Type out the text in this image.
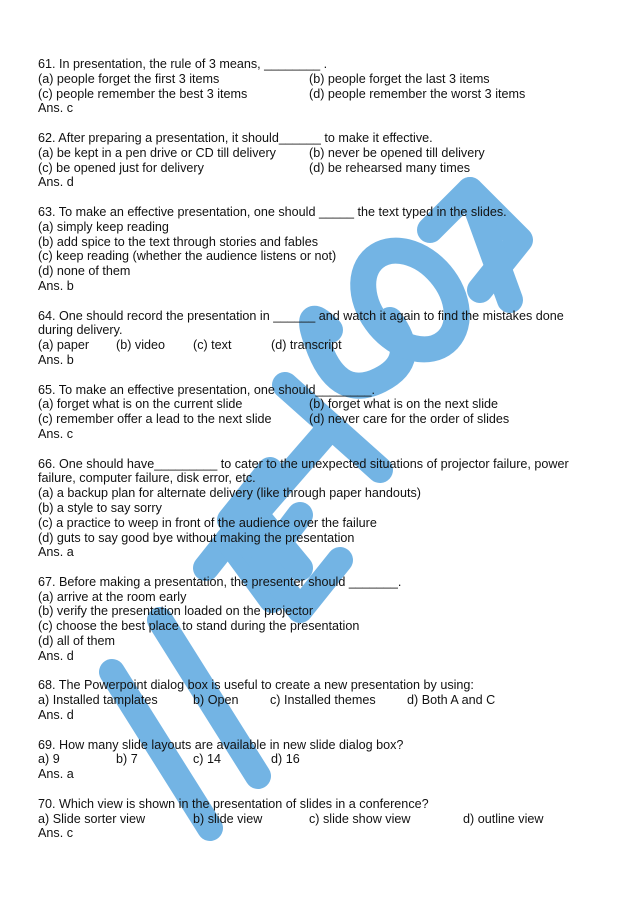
61. In presentation, the rule of 3 means, ________ .
(a) people forget the first 3 items	(b) people forget the last 3 items
(c) people remember the best 3 items	(d) people remember the worst 3 items
Ans. c
62. After preparing a presentation, it should______ to make it effective.
(a) be kept in a pen drive or CD till delivery	(b) never be opened till delivery
(c) be opened just for delivery	(d) be rehearsed many times
Ans. d
63. To make an effective presentation, one should _____ the text typed in the slides.
(a) simply keep reading
(b) add spice to the text through stories and fables
(c) keep reading (whether the audience listens or not)
(d) none of them
Ans. b
64. One should record the presentation in ______ and watch it again to find the mistakes done during delivery.
(a) paper	(b) video	(c) text	(d) transcript
Ans. b
65. To make an effective presentation, one should________.
(a) forget what is on the current slide	(b) forget what is on the next slide
(c) remember offer a lead to the next slide	(d) never care for the order of slides
Ans. c
66. One should have_________ to cater to the unexpected situations of projector failure, power failure, computer failure, disk error, etc.
(a) a backup plan for alternate delivery (like through paper handouts)
(b) a style to say sorry
(c) a practice to weep in front of the audience over the failure
(d) guts to say good bye without making the presentation
Ans. a
67. Before making a presentation, the presenter should _______.
(a) arrive at the room early
(b) verify the presentation loaded on the projector
(c) choose the best place to stand during the presentation
(d) all of them
Ans. d
68. The Powerpoint dialog box is useful to create a new presentation by using:
a) Installed tamplates	b) Open	c) Installed themes	d) Both A and C
Ans. d
69. How many slide layouts are available in new slide dialog box?
a) 9	b) 7	c) 14	d) 16
Ans. a
70. Which view is shown in the presentation of slides in a conference?
a) Slide sorter view	b) slide view	c) slide show view	d) outline view
Ans. c
